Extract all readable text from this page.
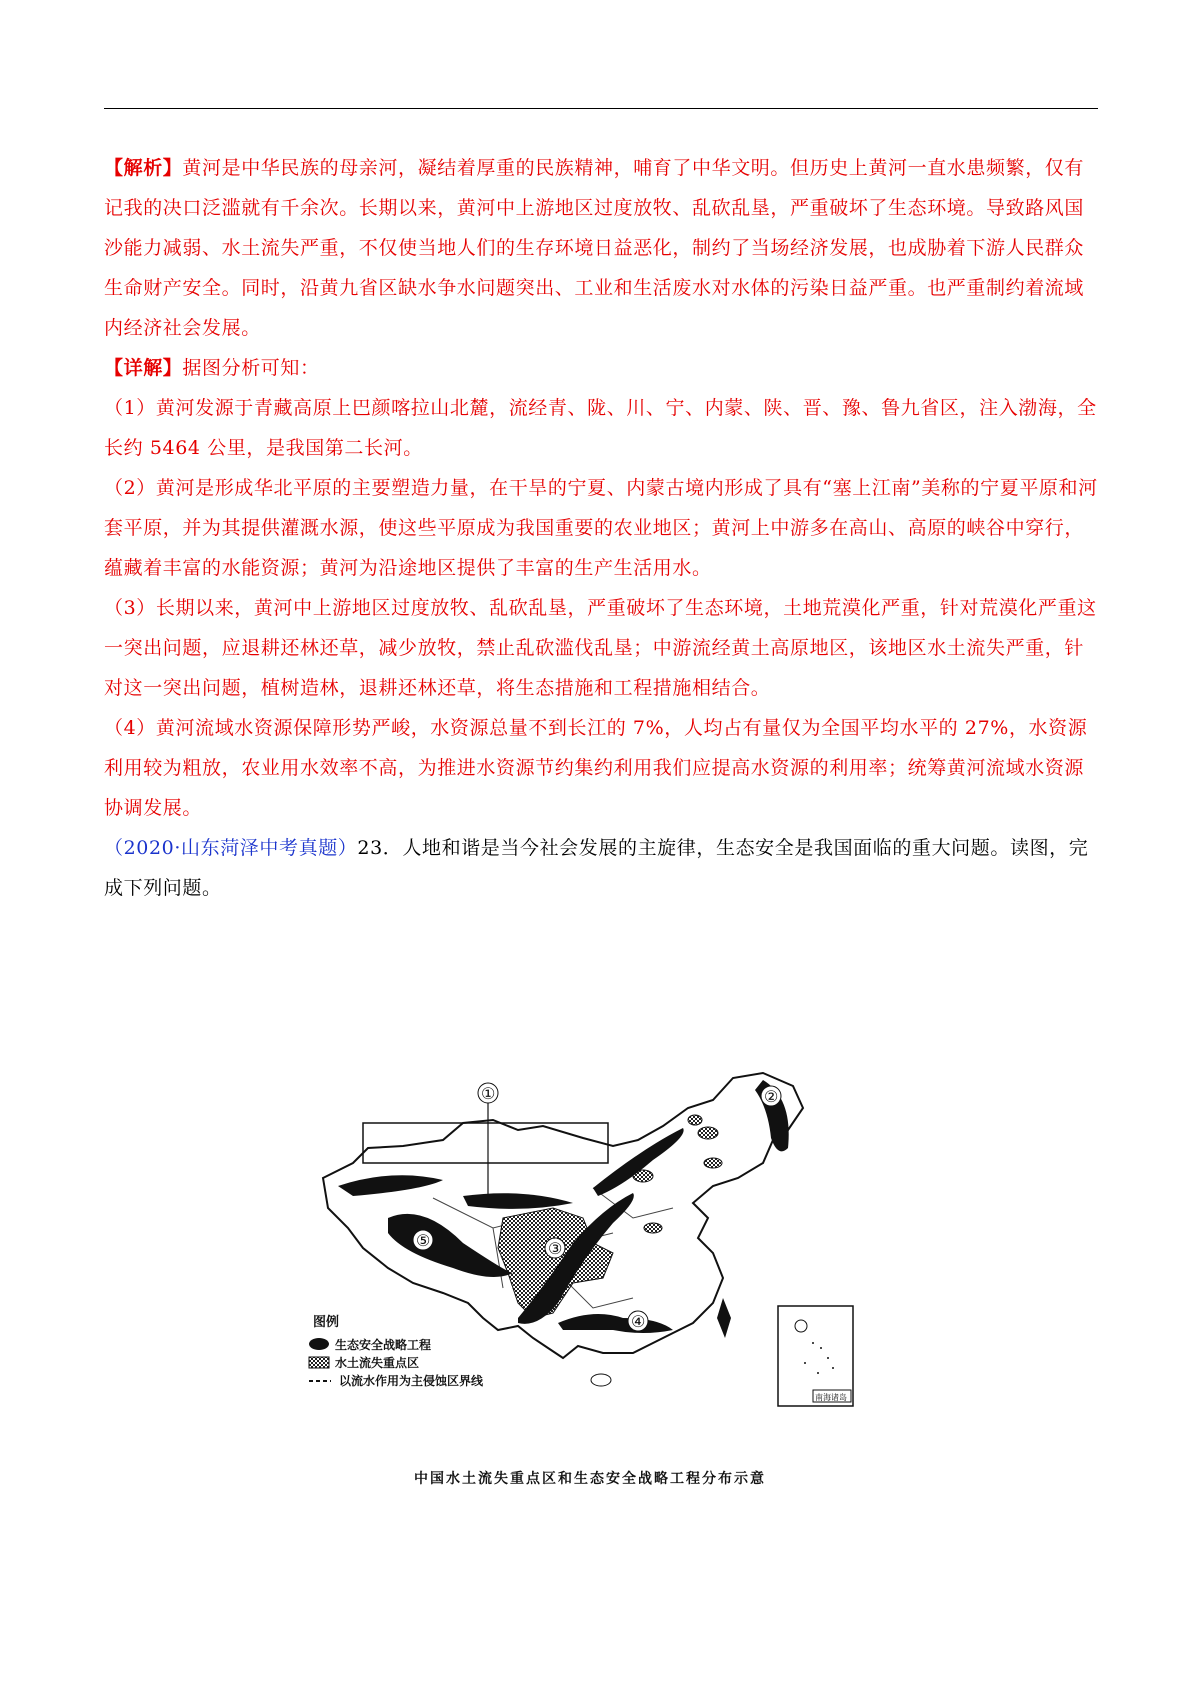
【解析】黄河是中华民族的母亲河，凝结着厚重的民族精神，哺育了中华文明。但历史上黄河一直水患频繁，仅有记我的决口泛滥就有千余次。长期以来，黄河中上游地区过度放牧、乱砍乱垦，严重破坏了生态环境。导致路风国沙能力减弱、水土流失严重，不仅使当地人们的生存环境日益恶化，制约了当场经济发展，也成胁着下游人民群众生命财产安全。同时，沿黄九省区缺水争水问题突出、工业和生活废水对水体的污染日益严重。也严重制约着流域内经济社会发展。

【详解】据图分析可知：

（1）黄河发源于青藏高原上巴颜喀拉山北麓，流经青、陇、川、宁、内蒙、陕、晋、豫、鲁九省区，注入渤海，全长约 5464 公里，是我国第二长河。

（2）黄河是形成华北平原的主要塑造力量，在干旱的宁夏、内蒙古境内形成了具有“塞上江南”美称的宁夏平原和河套平原，并为其提供灌溉水源，使这些平原成为我国重要的农业地区；黄河上中游多在高山、高原的峡谷中穿行，蕴藏着丰富的水能资源；黄河为沿途地区提供了丰富的生产生活用水。

（3）长期以来，黄河中上游地区过度放牧、乱砍乱垦，严重破坏了生态环境，土地荒漠化严重，针对荒漠化严重这一突出问题，应退耕还林还草，减少放牧，禁止乱砍滥伐乱垦；中游流经黄土高原地区，该地区水土流失严重，针对这一突出问题，植树造林，退耕还林还草，将生态措施和工程措施相结合。

（4）黄河流域水资源保障形势严峻，水资源总量不到长江的 7%，人均占有量仅为全国平均水平的 27%，水资源利用较为粗放，农业用水效率不高，为推进水资源节约集约利用我们应提高水资源的利用率；统筹黄河流域水资源协调发展。

（2020·山东菏泽中考真题）23．人地和谐是当今社会发展的主旋律，生态安全是我国面临的重大问题。读图，完成下列问题。

①	②
③
④
⑤
南海诸岛
图例
生态安全战略工程
水土流失重点区
以流水作用为主侵蚀区界线
中国水土流失重点区和生态安全战略工程分布示意
